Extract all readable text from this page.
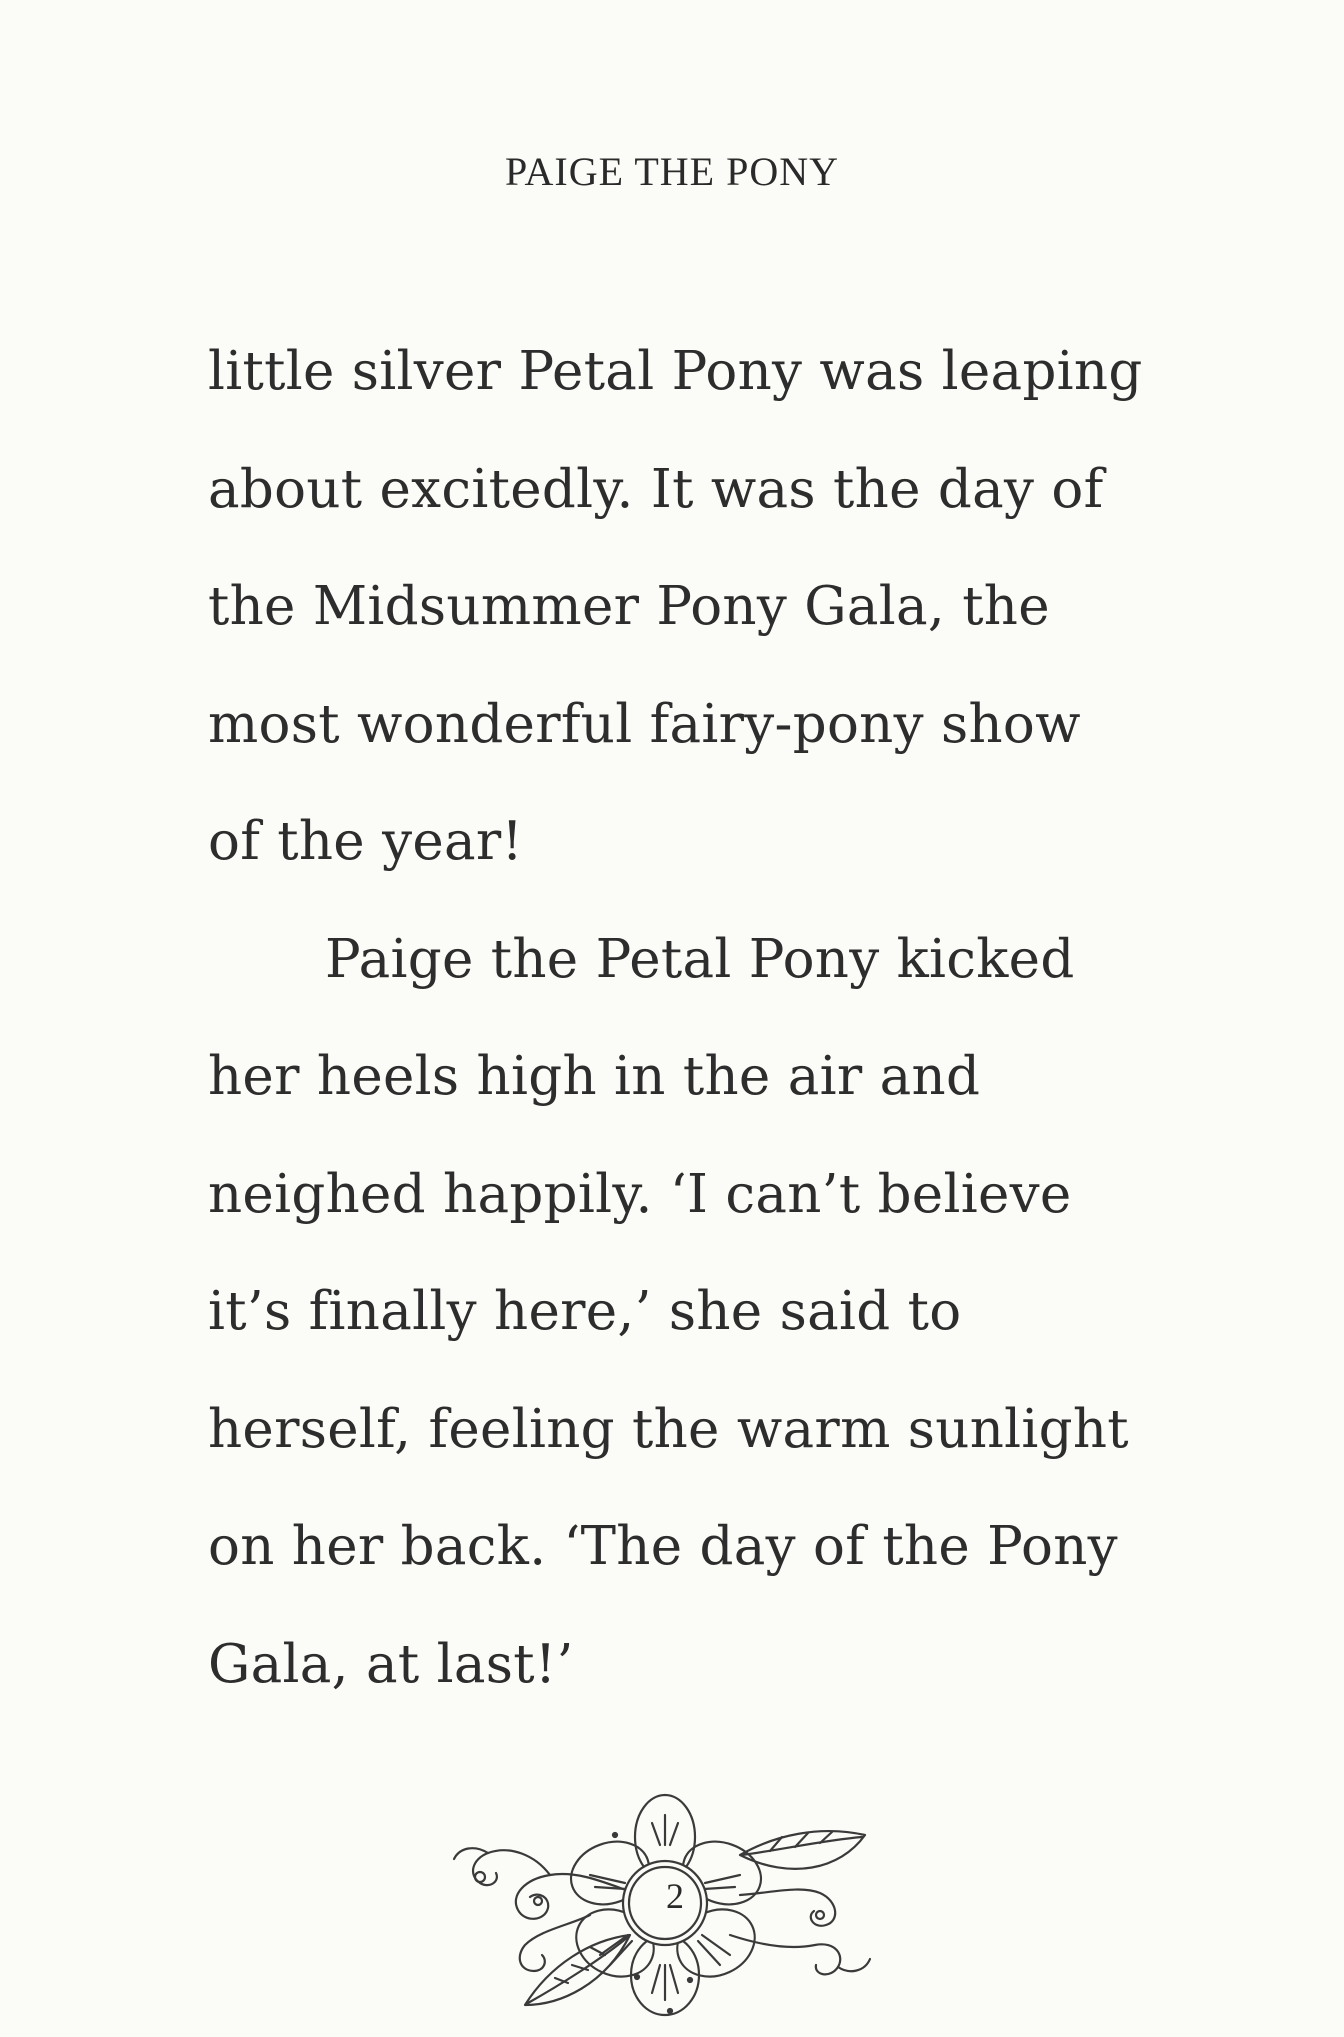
PAIGE THE PONY
little silver Petal Pony was leaping
about excitedly. It was the day of
the Midsummer Pony Gala, the
most wonderful fairy-pony show
of the year!
Paige the Petal Pony kicked
her heels high in the air and
neighed happily. ‘I can’t believe
it’s finally here,’ she said to
herself, feeling the warm sunlight
on her back. ‘The day of the Pony
Gala, at last!’
2
